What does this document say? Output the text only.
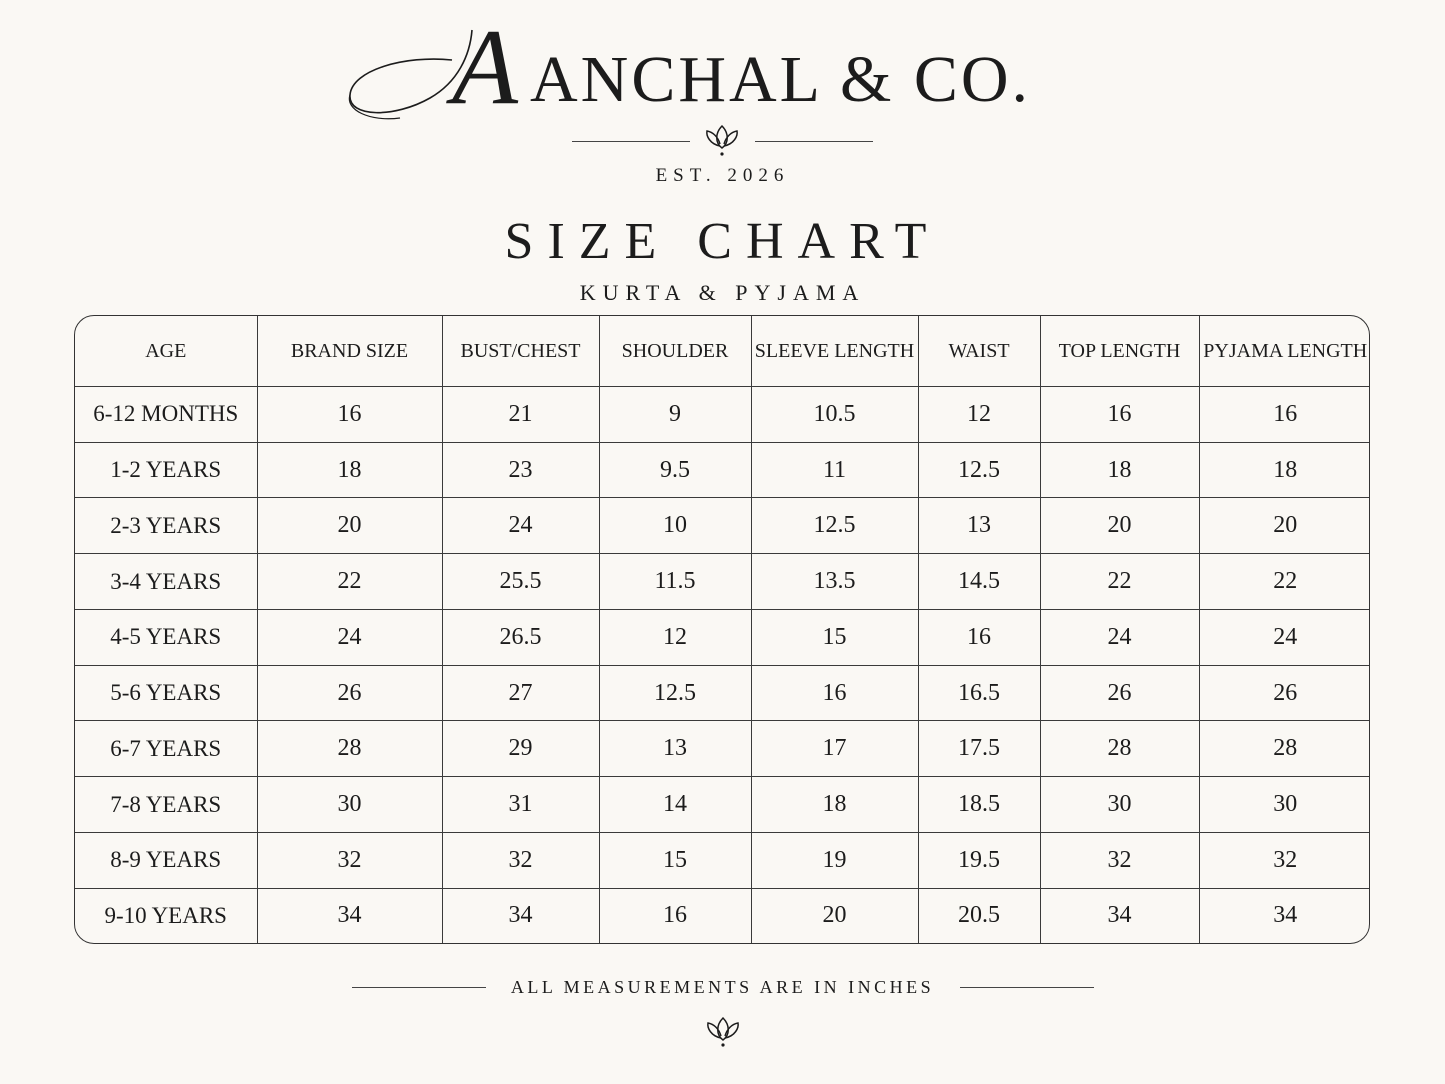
A ANCHAL & CO.
EST. 2026
SIZE CHART
KURTA & PYJAMA
AGE	BRAND SIZE	BUST/CHEST	SHOULDER	SLEEVE LENGTH	WAIST	TOP LENGTH	PYJAMA LENGTH
6-12 MONTHS	16	21	9	10.5	12	16	16
1-2 YEARS	18	23	9.5	11	12.5	18	18
2-3 YEARS	20	24	10	12.5	13	20	20
3-4 YEARS	22	25.5	11.5	13.5	14.5	22	22
4-5 YEARS	24	26.5	12	15	16	24	24
5-6 YEARS	26	27	12.5	16	16.5	26	26
6-7 YEARS	28	29	13	17	17.5	28	28
7-8 YEARS	30	31	14	18	18.5	30	30
8-9 YEARS	32	32	15	19	19.5	32	32
9-10 YEARS	34	34	16	20	20.5	34	34
ALL MEASUREMENTS ARE IN INCHES
